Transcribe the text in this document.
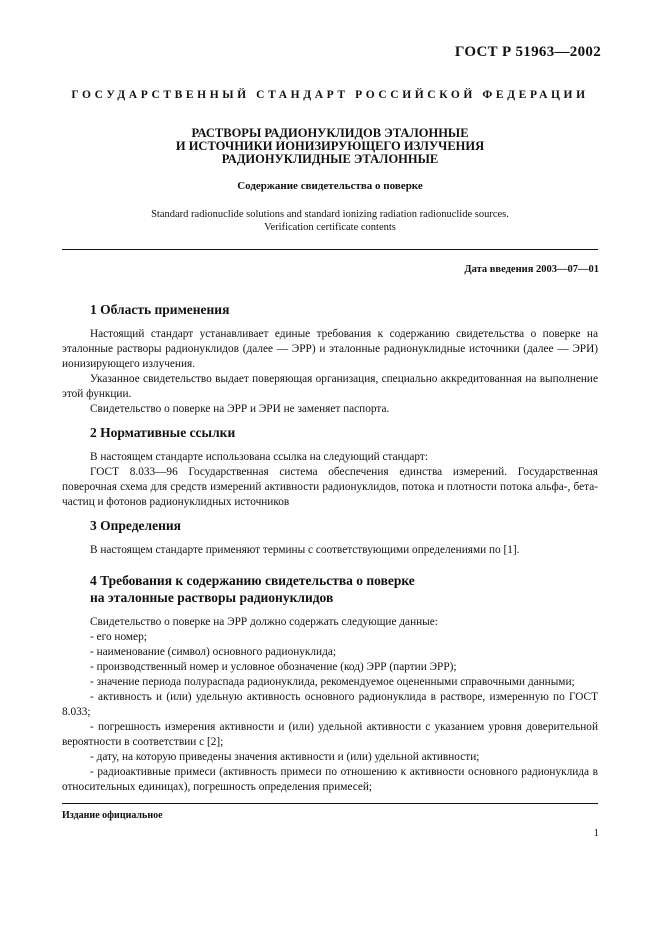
ГОСТ Р 51963—2002
ГОСУДАРСТВЕННЫЙ СТАНДАРТ РОССИЙСКОЙ ФЕДЕРАЦИИ
РАСТВОРЫ РАДИОНУКЛИДОВ ЭТАЛОННЫЕ
И ИСТОЧНИКИ ИОНИЗИРУЮЩЕГО ИЗЛУЧЕНИЯ
РАДИОНУКЛИДНЫЕ ЭТАЛОННЫЕ
Содержание свидетельства о поверке
Standard radionuclide solutions and standard ionizing radiation radionuclide sources.
Verification certificate contents
Дата введения 2003—07—01
1 Область применения

Настоящий стандарт устанавливает единые требования к содержанию свидетельства о поверке на эталонные растворы радионуклидов (далее — ЭРР) и эталонные радионуклидные источники (далее — ЭРИ) ионизирующего излучения.

Указанное свидетельство выдает поверяющая организация, специально аккредитованная на выполнение этой функции.

Свидетельство о поверке на ЭРР и ЭРИ не заменяет паспорта.

2 Нормативные ссылки

В настоящем стандарте использована ссылка на следующий стандарт:

ГОСТ 8.033—96 Государственная система обеспечения единства измерений. Государственная поверочная схема для средств измерений активности радионуклидов, потока и плотности потока альфа-, бета-частиц и фотонов радионуклидных источников

3 Определения

В настоящем стандарте применяют термины с соответствующими определениями по [1].

4 Требования к содержанию свидетельства о поверке
на эталонные растворы радионуклидов

Свидетельство о поверке на ЭРР должно содержать следующие данные:

- его номер;

- наименование (символ) основного радионуклида;

- производственный номер и условное обозначение (код) ЭРР (партии ЭРР);

- значение периода полураспада радионуклида, рекомендуемое оцененными справочными данными;

- активность и (или) удельную активность основного радионуклида в растворе, измеренную по ГОСТ 8.033;

- погрешность измерения активности и (или) удельной активности с указанием уровня доверительной вероятности в соответствии с [2];

- дату, на которую приведены значения активности и (или) удельной активности;

- радиоактивные примеси (активность примеси по отношению к активности основного радионуклида в относительных единицах), погрешность определения примесей;

Издание официальное
1
